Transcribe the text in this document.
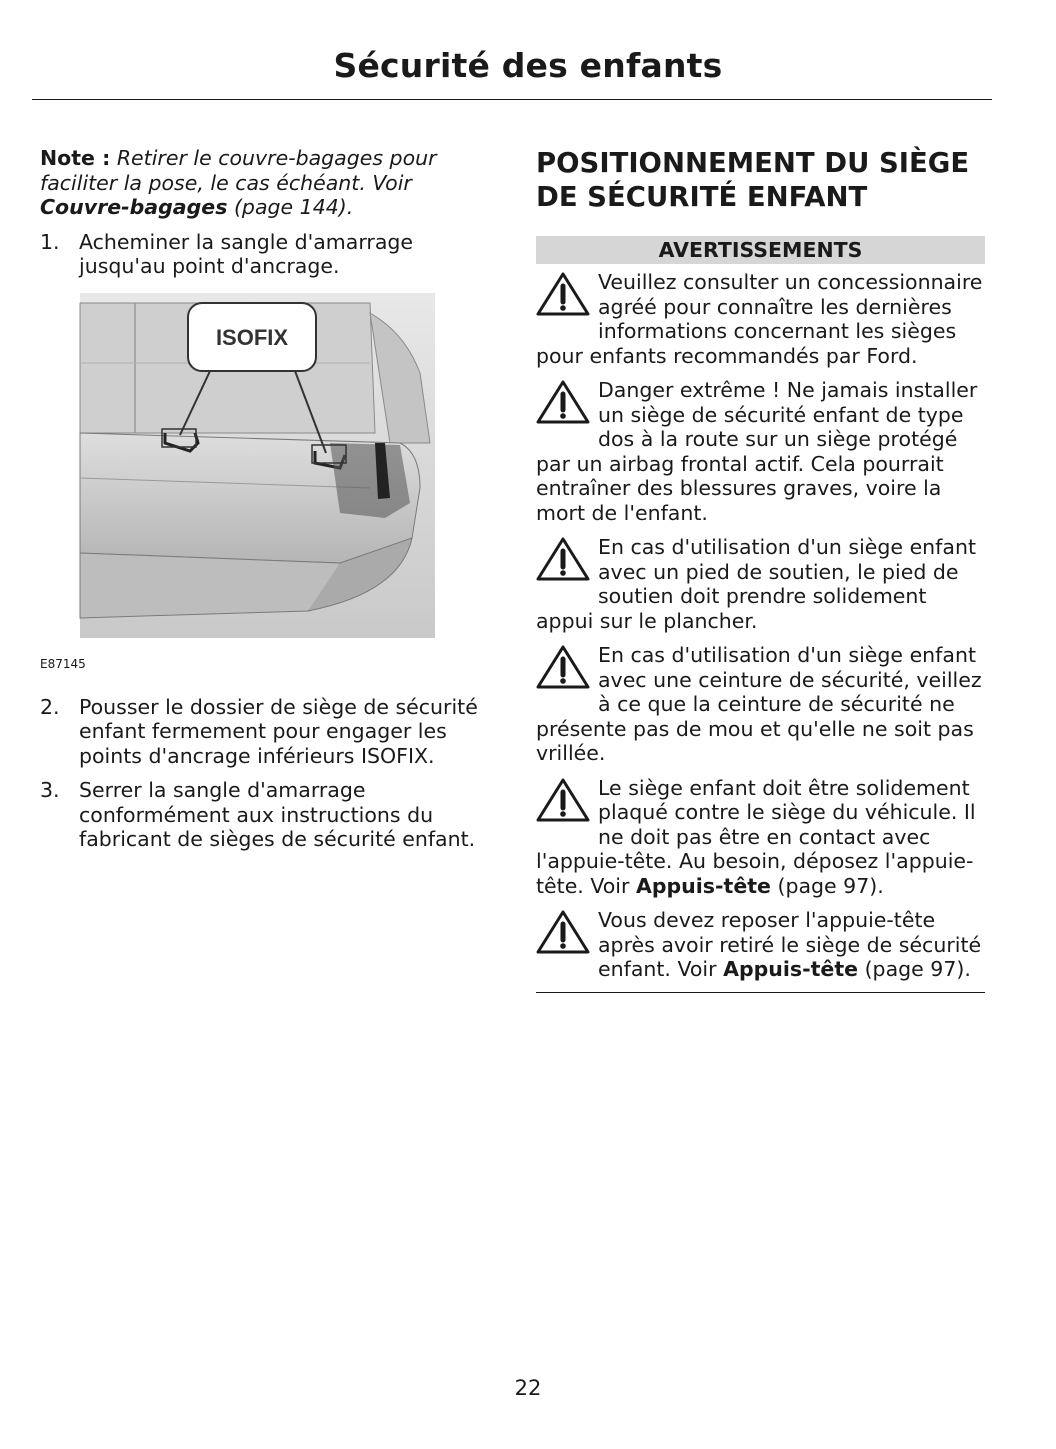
Sécurité des enfants

Note : Retirer le couvre-bagages pour faciliter la pose, le cas échéant. Voir Couvre-bagages (page 144).

1. Acheminer la sangle d'amarrage jusqu'au point d'ancrage.
ISOFIX
E87145
2. Pousser le dossier de siège de sécurité enfant fermement pour engager les points d'ancrage inférieurs ISOFIX.
3. Serrer la sangle d'amarrage conformément aux instructions du fabricant de sièges de sécurité enfant.
POSITIONNEMENT DU SIÈGE DE SÉCURITÉ ENFANT
AVERTISSEMENTS
Veuillez consulter un concessionnaire agréé pour connaître les dernières informations concernant les sièges pour enfants recommandés par Ford.
Danger extrême ! Ne jamais installer un siège de sécurité enfant de type dos à la route sur un siège protégé par un airbag frontal actif. Cela pourrait entraîner des blessures graves, voire la mort de l'enfant.
En cas d'utilisation d'un siège enfant avec un pied de soutien, le pied de soutien doit prendre solidement appui sur le plancher.
En cas d'utilisation d'un siège enfant avec une ceinture de sécurité, veillez à ce que la ceinture de sécurité ne présente pas de mou et qu'elle ne soit pas vrillée.
Le siège enfant doit être solidement plaqué contre le siège du véhicule. Il ne doit pas être en contact avec l'appuie-tête. Au besoin, déposez l'appuie-tête. Voir Appuis-tête (page 97).
Vous devez reposer l'appuie-tête après avoir retiré le siège de sécurité enfant. Voir Appuis-tête (page 97).
22
